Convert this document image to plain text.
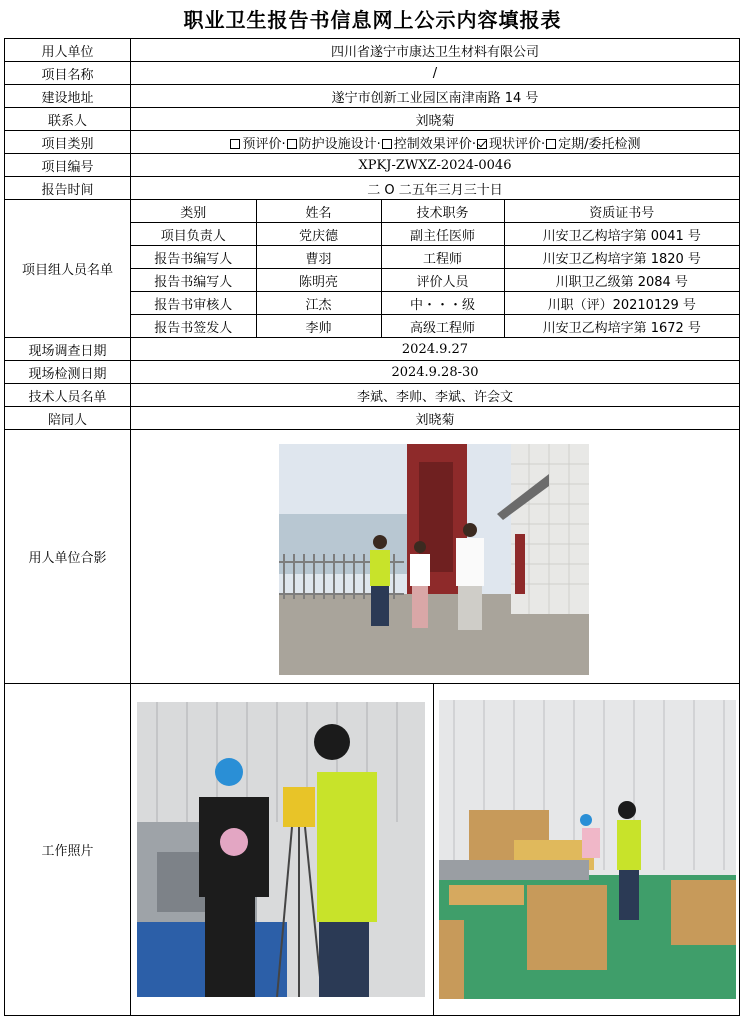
职业卫生报告书信息网上公示内容填报表
用人单位	四川省遂宁市康达卫生材料有限公司
项目名称	/
建设地址	遂宁市创新工业园区南津南路 14 号
联系人	刘晓菊
项目类别	预评价· 防护设施设计· 控制效果评价· 现状评价· 定期/委托检测
项目编号	XPKJ-ZWXZ-2024-0046
报告时间	二 O 二五年三月三十日
项目组人员名单	
类别	姓名	技术职务	资质证书号
项目负责人	党庆德	副主任医师	川安卫乙构培字第 0041 号
报告书编写人	曹羽	工程师	川安卫乙构培字第 1820 号
报告书编写人	陈明亮	评价人员	川职卫乙级第 2084 号
报告书审核人	江杰	中・・・级	川职（评）20210129 号
报告书签发人	李帅	高级工程师	川安卫乙构培字第 1672 号

现场调查日期	2024.9.27
现场检测日期	2024.9.28-30
技术人员名单	李斌、李帅、李斌、许会文
陪同人	刘晓菊
用人单位合影	

工作照片	
